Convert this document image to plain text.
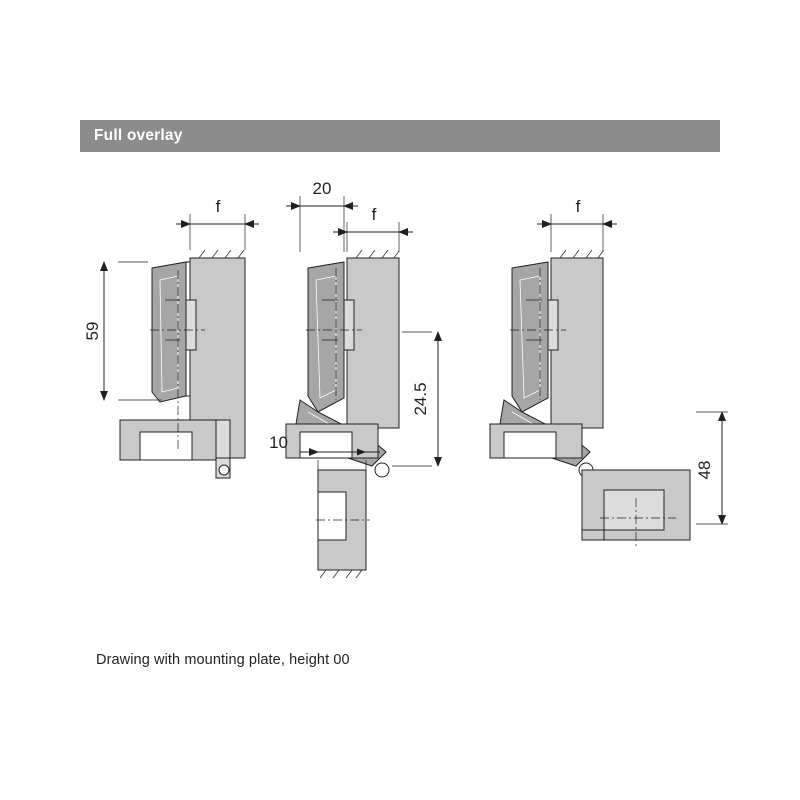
Full overlay
f
59
20
f
24.5
10
f
48
Drawing with mounting plate, height 00
